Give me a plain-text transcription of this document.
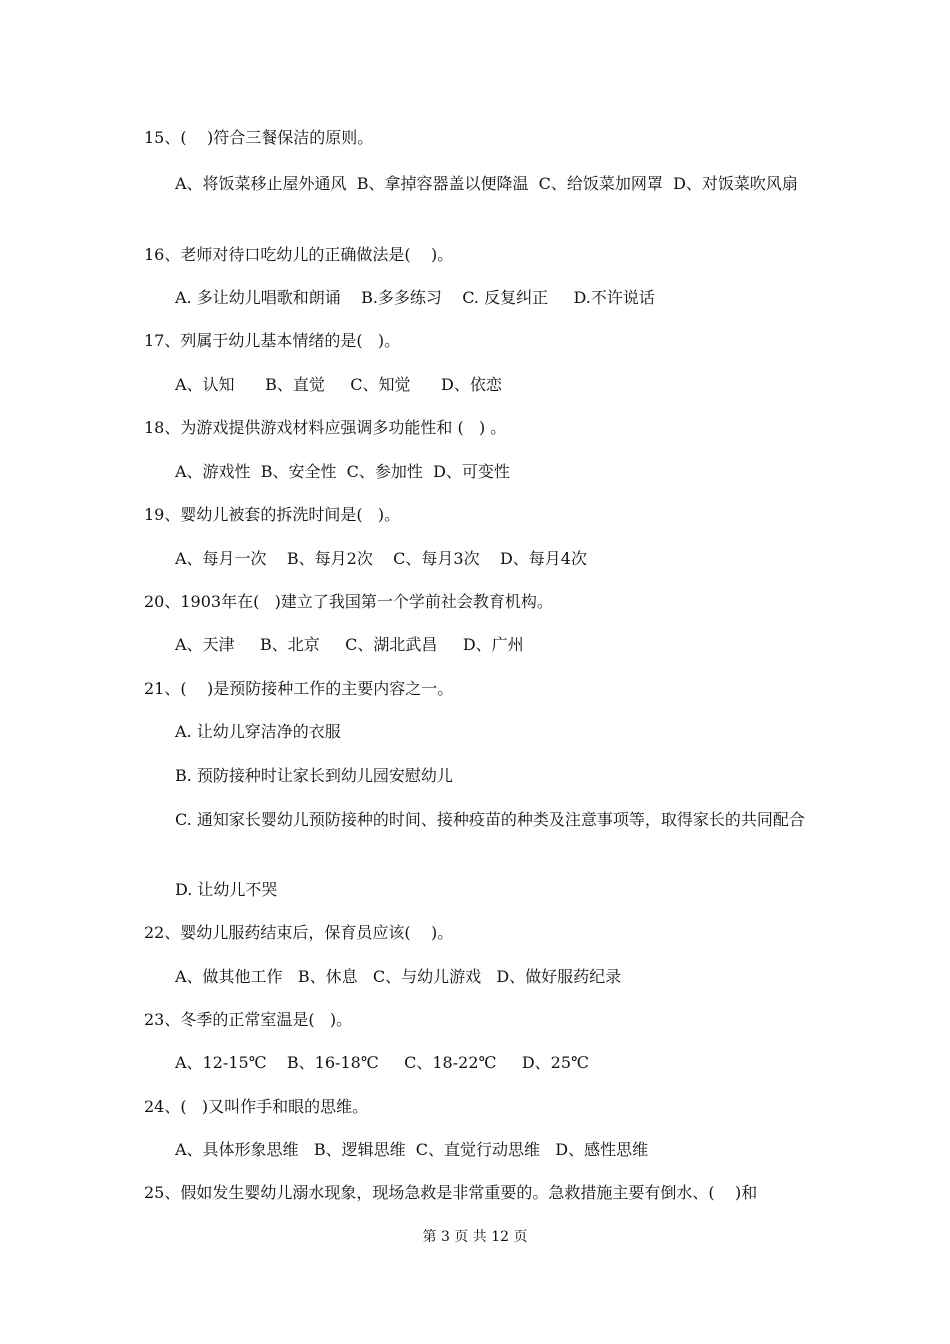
15、(    )符合三餐保洁的原则。
A、将饭菜移止屋外通风  B、拿掉容器盖以便降温  C、给饭菜加网罩  D、对饭菜吹风扇
16、老师对待口吃幼儿的正确做法是(    )。
A. 多让幼儿唱歌和朗诵    B.多多练习    C. 反复纠正     D.不许说话
17、列属于幼儿基本情绪的是(   )。
A、认知      B、直觉     C、知觉      D、依恋
18、为游戏提供游戏材料应强调多功能性和 (   ) 。
A、游戏性  B、安全性  C、参加性  D、可变性
19、婴幼儿被套的拆洗时间是(   )。
A、每月一次    B、每月2次    C、每月3次    D、每月4次
20、1903年在(   )建立了我国第一个学前社会教育机构。
A、天津     B、北京     C、湖北武昌     D、广州
21、(    )是预防接种工作的主要内容之一。
A. 让幼儿穿洁净的衣服
B. 预防接种时让家长到幼儿园安慰幼儿
C. 通知家长婴幼儿预防接种的时间、接种疫苗的种类及注意事项等，取得家长的共同配合
D. 让幼儿不哭
22、婴幼儿服药结束后，保育员应该(    )。
A、做其他工作   B、休息   C、与幼儿游戏   D、做好服药纪录
23、冬季的正常室温是(   )。
A、12-15℃    B、16-18℃     C、18-22℃     D、25℃
24、(   )又叫作手和眼的思维。
A、具体形象思维   B、逻辑思维  C、直觉行动思维   D、感性思维
25、假如发生婴幼儿溺水现象，现场急救是非常重要的。急救措施主要有倒水、(    )和
第 3 页 共 12 页
